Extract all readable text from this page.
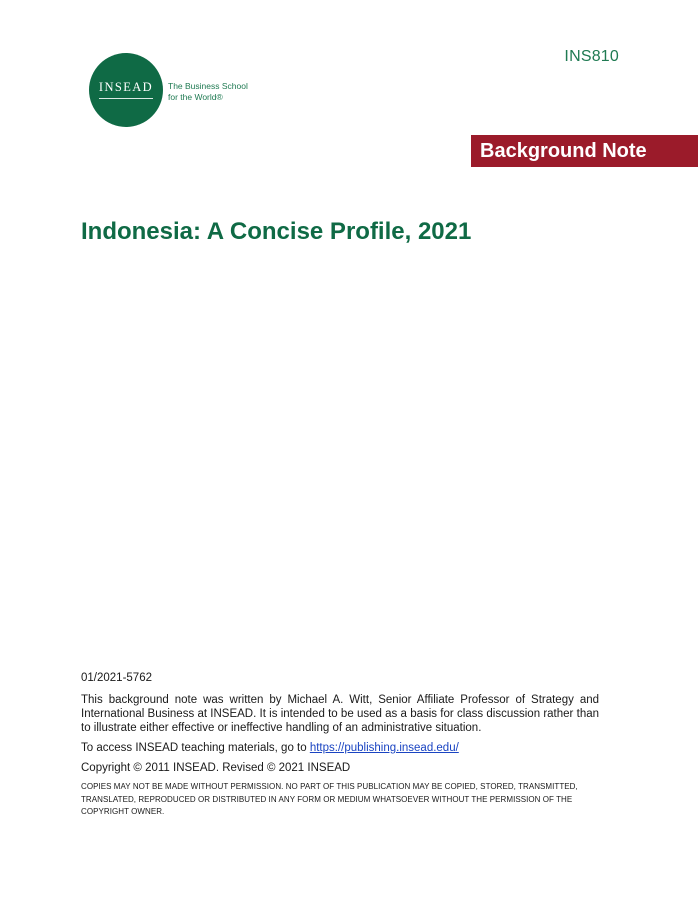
INS810
INSEAD The Business School
for the World®
Background Note
Indonesia: A Concise Profile, 2021

01/2021-5762

This background note was written by Michael A. Witt, Senior Affiliate Professor of Strategy and International Business at INSEAD. It is intended to be used as a basis for class discussion rather than to illustrate either effective or ineffective handling of an administrative situation.

To access INSEAD teaching materials, go to https://publishing.insead.edu/

Copyright © 2011 INSEAD. Revised © 2021 INSEAD

COPIES MAY NOT BE MADE WITHOUT PERMISSION. NO PART OF THIS PUBLICATION MAY BE COPIED, STORED, TRANSMITTED, TRANSLATED, REPRODUCED OR DISTRIBUTED IN ANY FORM OR MEDIUM WHATSOEVER WITHOUT THE PERMISSION OF THE COPYRIGHT OWNER.
